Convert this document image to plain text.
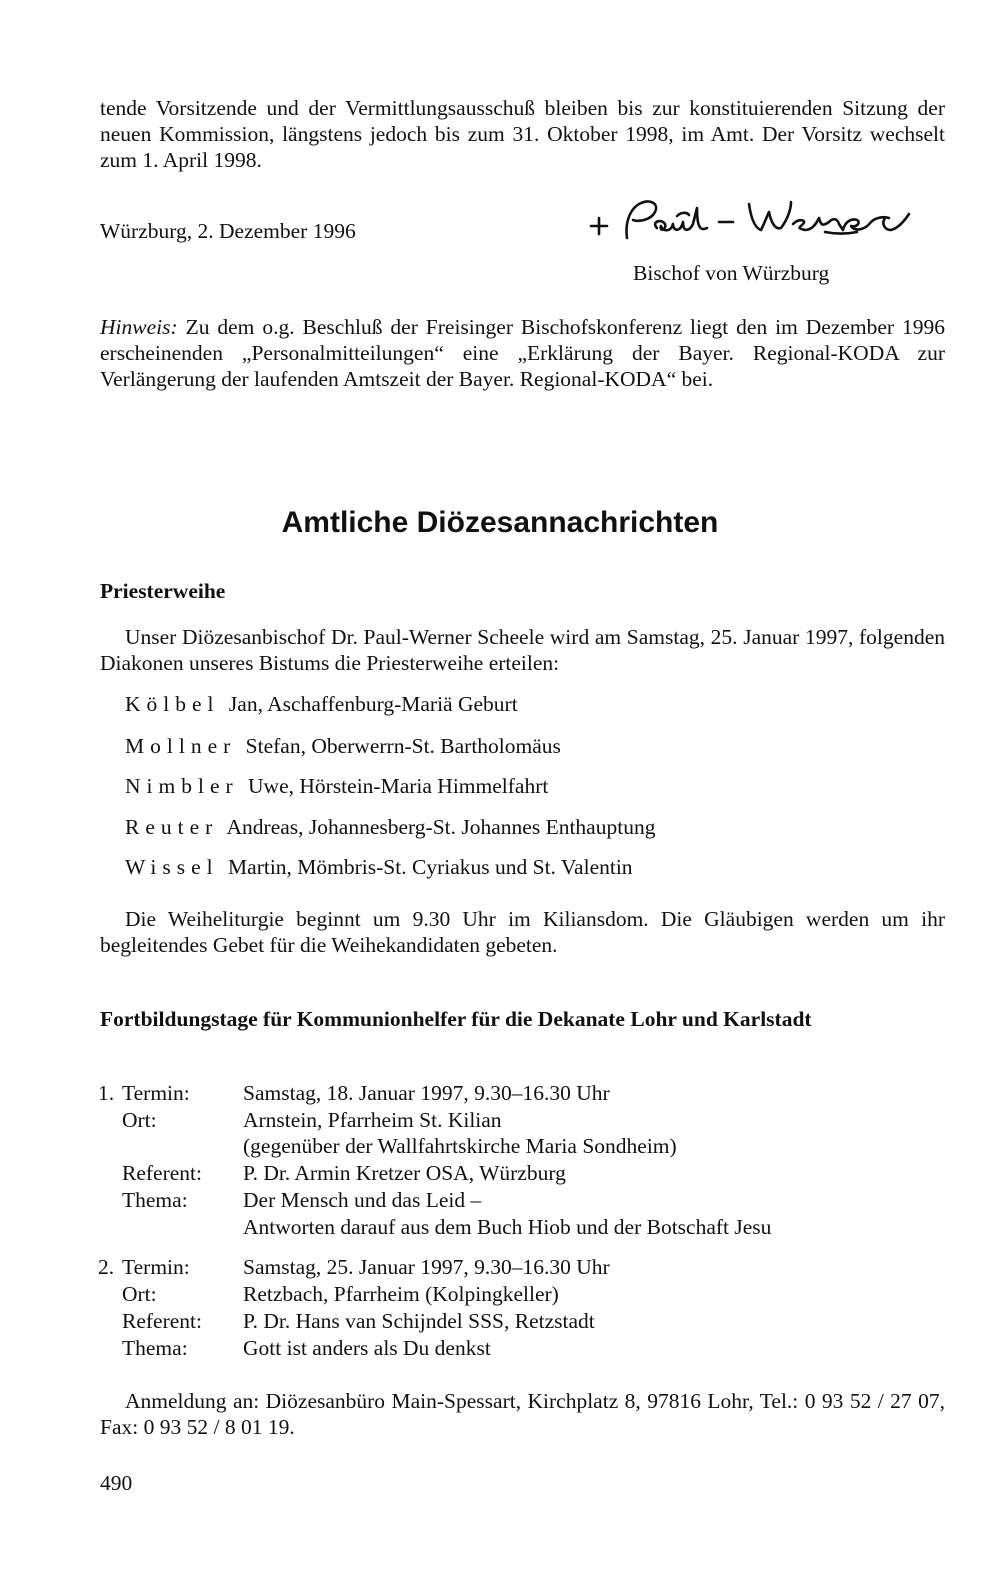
tende Vorsitzende und der Vermittlungsausschuß bleiben bis zur konstituierenden Sitzung der neuen Kommission, längstens jedoch bis zum 31. Oktober 1998, im Amt. Der Vorsitz wechselt zum 1. April 1998.

Würzburg, 2. Dezember 1996
Bischof von Würzburg

Hinweis: Zu dem o.g. Beschluß der Freisinger Bischofskonferenz liegt den im Dezember 1996 erscheinenden „Personalmitteilungen“ eine „Erklärung der Bayer. Regional-KODA zur Verlängerung der laufenden Amtszeit der Bayer. Regional-KODA“ bei.

Amtliche Diözesannachrichten
Priesterweihe

Unser Diözesanbischof Dr. Paul-Werner Scheele wird am Samstag, 25. Januar 1997, folgenden Diakonen unseres Bistums die Priesterweihe erteilen:

Kölbel Jan, Aschaffenburg-Mariä Geburt
Mollner Stefan, Oberwerrn-St. Bartholomäus
Nimbler Uwe, Hörstein-Maria Himmelfahrt
Reuter Andreas, Johannesberg-St. Johannes Enthauptung
Wissel Martin, Mömbris-St. Cyriakus und St. Valentin

Die Weiheliturgie beginnt um 9.30 Uhr im Kiliansdom. Die Gläubigen werden um ihr begleitendes Gebet für die Weihekandidaten gebeten.

Fortbildungstage für Kommunionhelfer für die Dekanate Lohr und Karlstadt
1. Termin: Samstag, 18. Januar 1997, 9.30–16.30 Uhr
Ort:	Arnstein, Pfarrheim St. Kilian
(gegenüber der Wallfahrtskirche Maria Sondheim)
Referent: P. Dr. Armin Kretzer OSA, Würzburg
Thema:	Der Mensch und das Leid –
Antworten darauf aus dem Buch Hiob und der Botschaft Jesu
2. Termin: Samstag, 25. Januar 1997, 9.30–16.30 Uhr
Ort:	Retzbach, Pfarrheim (Kolpingkeller)
Referent: P. Dr. Hans van Schijndel SSS, Retzstadt
Thema:	Gott ist anders als Du denkst

Anmeldung an: Diözesanbüro Main-Spessart, Kirchplatz 8, 97816 Lohr, Tel.: 0 93 52 / 27 07, Fax: 0 93 52 / 8 01 19.

490
